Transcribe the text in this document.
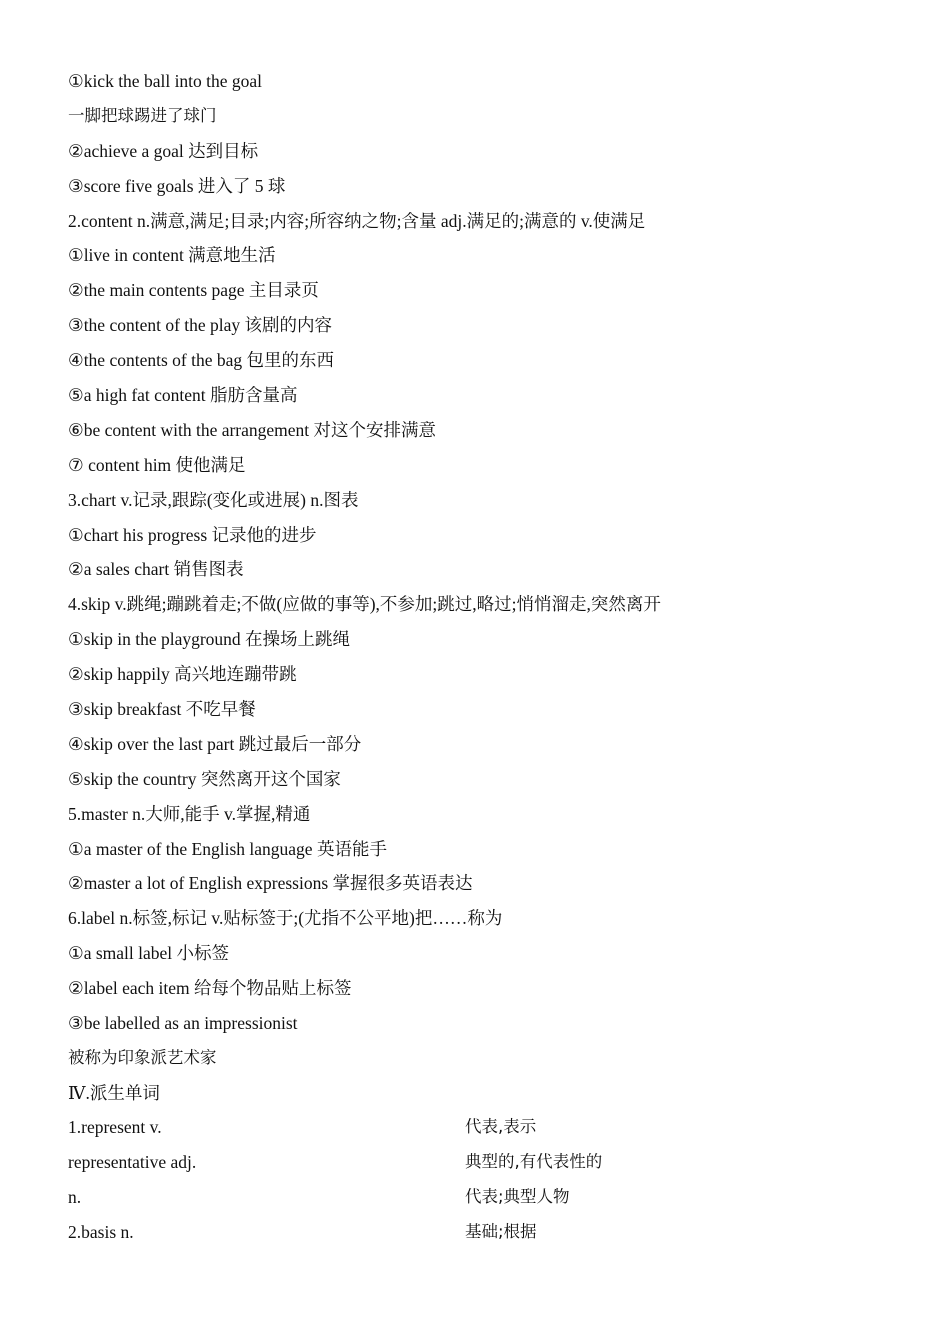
①kick the ball into the goal
一脚把球踢进了球门
②achieve a goal 达到目标
③score five goals 进入了 5 球
2.content n.满意,满足;目录;内容;所容纳之物;含量 adj.满足的;满意的 v.使满足
①live in content 满意地生活
②the main contents page 主目录页
③the content of the play 该剧的内容
④the contents of the bag 包里的东西
⑤a high fat content 脂肪含量高
⑥be content with the arrangement 对这个安排满意
⑦ content him 使他满足
3.chart v.记录,跟踪(变化或进展) n.图表
①chart his progress 记录他的进步
②a sales chart 销售图表
4.skip v.跳绳;蹦跳着走;不做(应做的事等),不参加;跳过,略过;悄悄溜走,突然离开
①skip in the playground 在操场上跳绳
②skip happily 高兴地连蹦带跳
③skip breakfast 不吃早餐
④skip over the last part 跳过最后一部分
⑤skip the country 突然离开这个国家
5.master n.大师,能手 v.掌握,精通
①a master of the English language 英语能手
②master a lot of English expressions 掌握很多英语表达
6.label n.标签,标记 v.贴标签于;(尤指不公平地)把……称为
①a small label 小标签
②label each item 给每个物品贴上标签
③be labelled as an impressionist
被称为印象派艺术家
Ⅳ.派生单词
1.represent v.	代表,表示
representative adj.	典型的,有代表性的
n.	代表;典型人物
2.basis n.	基础;根据
